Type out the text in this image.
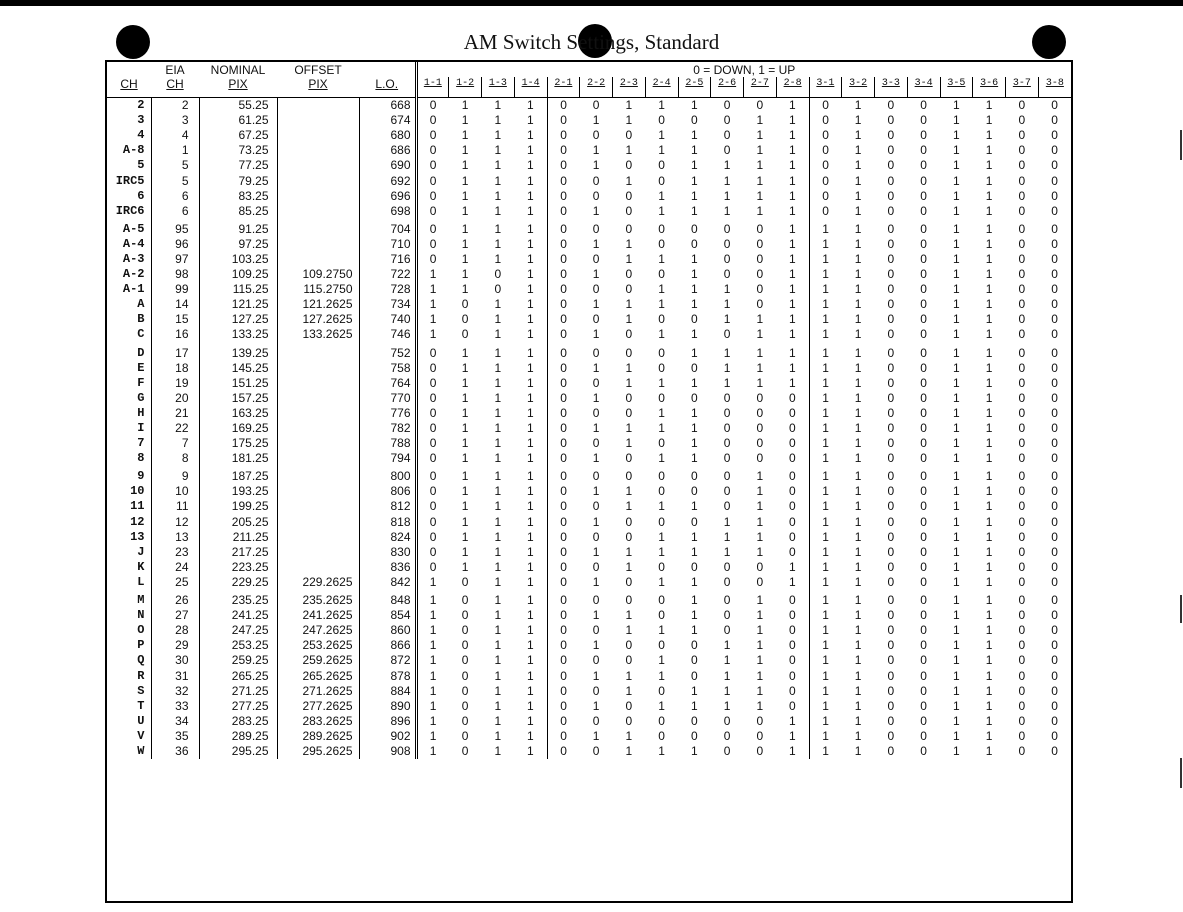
AM Switch Settings, Standard
	EIA	NOMINAL	OFFSET		0 = DOWN, 1 = UP																			
CH	CH	PIX	PIX	L.O.	1-1	1-2	1-3	1-4	2-1	2-2	2-3	2-4	2-5	2-6	2-7	2-8	3-1	3-2	3-3	3-4	3-5	3-6	3-7	3-8
2	2	55.25		668	0	1	1	1	0	0	1	1	1	0	0	1	0	1	0	0	1	1	0	0
3	3	61.25		674	0	1	1	1	0	1	1	0	0	0	1	1	0	1	0	0	1	1	0	0
4	4	67.25		680	0	1	1	1	0	0	0	1	1	0	1	1	0	1	0	0	1	1	0	0
A-8	1	73.25		686	0	1	1	1	0	1	1	1	1	0	1	1	0	1	0	0	1	1	0	0
5	5	77.25		690	0	1	1	1	0	1	0	0	1	1	1	1	0	1	0	0	1	1	0	0
IRC5	5	79.25		692	0	1	1	1	0	0	1	0	1	1	1	1	0	1	0	0	1	1	0	0
6	6	83.25		696	0	1	1	1	0	0	0	1	1	1	1	1	0	1	0	0	1	1	0	0
IRC6	6	85.25		698	0	1	1	1	0	1	0	1	1	1	1	1	0	1	0	0	1	1	0	0
A-5	95	91.25		704	0	1	1	1	0	0	0	0	0	0	0	1	1	1	0	0	1	1	0	0
A-4	96	97.25		710	0	1	1	1	0	1	1	0	0	0	0	1	1	1	0	0	1	1	0	0
A-3	97	103.25		716	0	1	1	1	0	0	1	1	1	0	0	1	1	1	0	0	1	1	0	0
A-2	98	109.25	109.2750	722	1	1	0	1	0	1	0	0	1	0	0	1	1	1	0	0	1	1	0	0
A-1	99	115.25	115.2750	728	1	1	0	1	0	0	0	1	1	1	0	1	1	1	0	0	1	1	0	0
A	14	121.25	121.2625	734	1	0	1	1	0	1	1	1	1	1	0	1	1	1	0	0	1	1	0	0
B	15	127.25	127.2625	740	1	0	1	1	0	0	1	0	0	1	1	1	1	1	0	0	1	1	0	0
C	16	133.25	133.2625	746	1	0	1	1	0	1	0	1	1	0	1	1	1	1	0	0	1	1	0	0
D	17	139.25		752	0	1	1	1	0	0	0	0	1	1	1	1	1	1	0	0	1	1	0	0
E	18	145.25		758	0	1	1	1	0	1	1	0	0	1	1	1	1	1	0	0	1	1	0	0
F	19	151.25		764	0	1	1	1	0	0	1	1	1	1	1	1	1	1	0	0	1	1	0	0
G	20	157.25		770	0	1	1	1	0	1	0	0	0	0	0	0	1	1	0	0	1	1	0	0
H	21	163.25		776	0	1	1	1	0	0	0	1	1	0	0	0	1	1	0	0	1	1	0	0
I	22	169.25		782	0	1	1	1	0	1	1	1	1	0	0	0	1	1	0	0	1	1	0	0
7	7	175.25		788	0	1	1	1	0	0	1	0	1	0	0	0	1	1	0	0	1	1	0	0
8	8	181.25		794	0	1	1	1	0	1	0	1	1	0	0	0	1	1	0	0	1	1	0	0
9	9	187.25		800	0	1	1	1	0	0	0	0	0	0	1	0	1	1	0	0	1	1	0	0
10	10	193.25		806	0	1	1	1	0	1	1	0	0	0	1	0	1	1	0	0	1	1	0	0
11	11	199.25		812	0	1	1	1	0	0	1	1	1	0	1	0	1	1	0	0	1	1	0	0
12	12	205.25		818	0	1	1	1	0	1	0	0	0	1	1	0	1	1	0	0	1	1	0	0
13	13	211.25		824	0	1	1	1	0	0	0	1	1	1	1	0	1	1	0	0	1	1	0	0
J	23	217.25		830	0	1	1	1	0	1	1	1	1	1	1	0	1	1	0	0	1	1	0	0
K	24	223.25		836	0	1	1	1	0	0	1	0	0	0	0	1	1	1	0	0	1	1	0	0
L	25	229.25	229.2625	842	1	0	1	1	0	1	0	1	1	0	0	1	1	1	0	0	1	1	0	0
M	26	235.25	235.2625	848	1	0	1	1	0	0	0	0	1	0	1	0	1	1	0	0	1	1	0	0
N	27	241.25	241.2625	854	1	0	1	1	0	1	1	0	1	0	1	0	1	1	0	0	1	1	0	0
O	28	247.25	247.2625	860	1	0	1	1	0	0	1	1	1	0	1	0	1	1	0	0	1	1	0	0
P	29	253.25	253.2625	866	1	0	1	1	0	1	0	0	0	1	1	0	1	1	0	0	1	1	0	0
Q	30	259.25	259.2625	872	1	0	1	1	0	0	0	1	0	1	1	0	1	1	0	0	1	1	0	0
R	31	265.25	265.2625	878	1	0	1	1	0	1	1	1	0	1	1	0	1	1	0	0	1	1	0	0
S	32	271.25	271.2625	884	1	0	1	1	0	0	1	0	1	1	1	0	1	1	0	0	1	1	0	0
T	33	277.25	277.2625	890	1	0	1	1	0	1	0	1	1	1	1	0	1	1	0	0	1	1	0	0
U	34	283.25	283.2625	896	1	0	1	1	0	0	0	0	0	0	0	1	1	1	0	0	1	1	0	0
V	35	289.25	289.2625	902	1	0	1	1	0	1	1	0	0	0	0	1	1	1	0	0	1	1	0	0
W	36	295.25	295.2625	908	1	0	1	1	0	0	1	1	1	0	0	1	1	1	0	0	1	1	0	0
